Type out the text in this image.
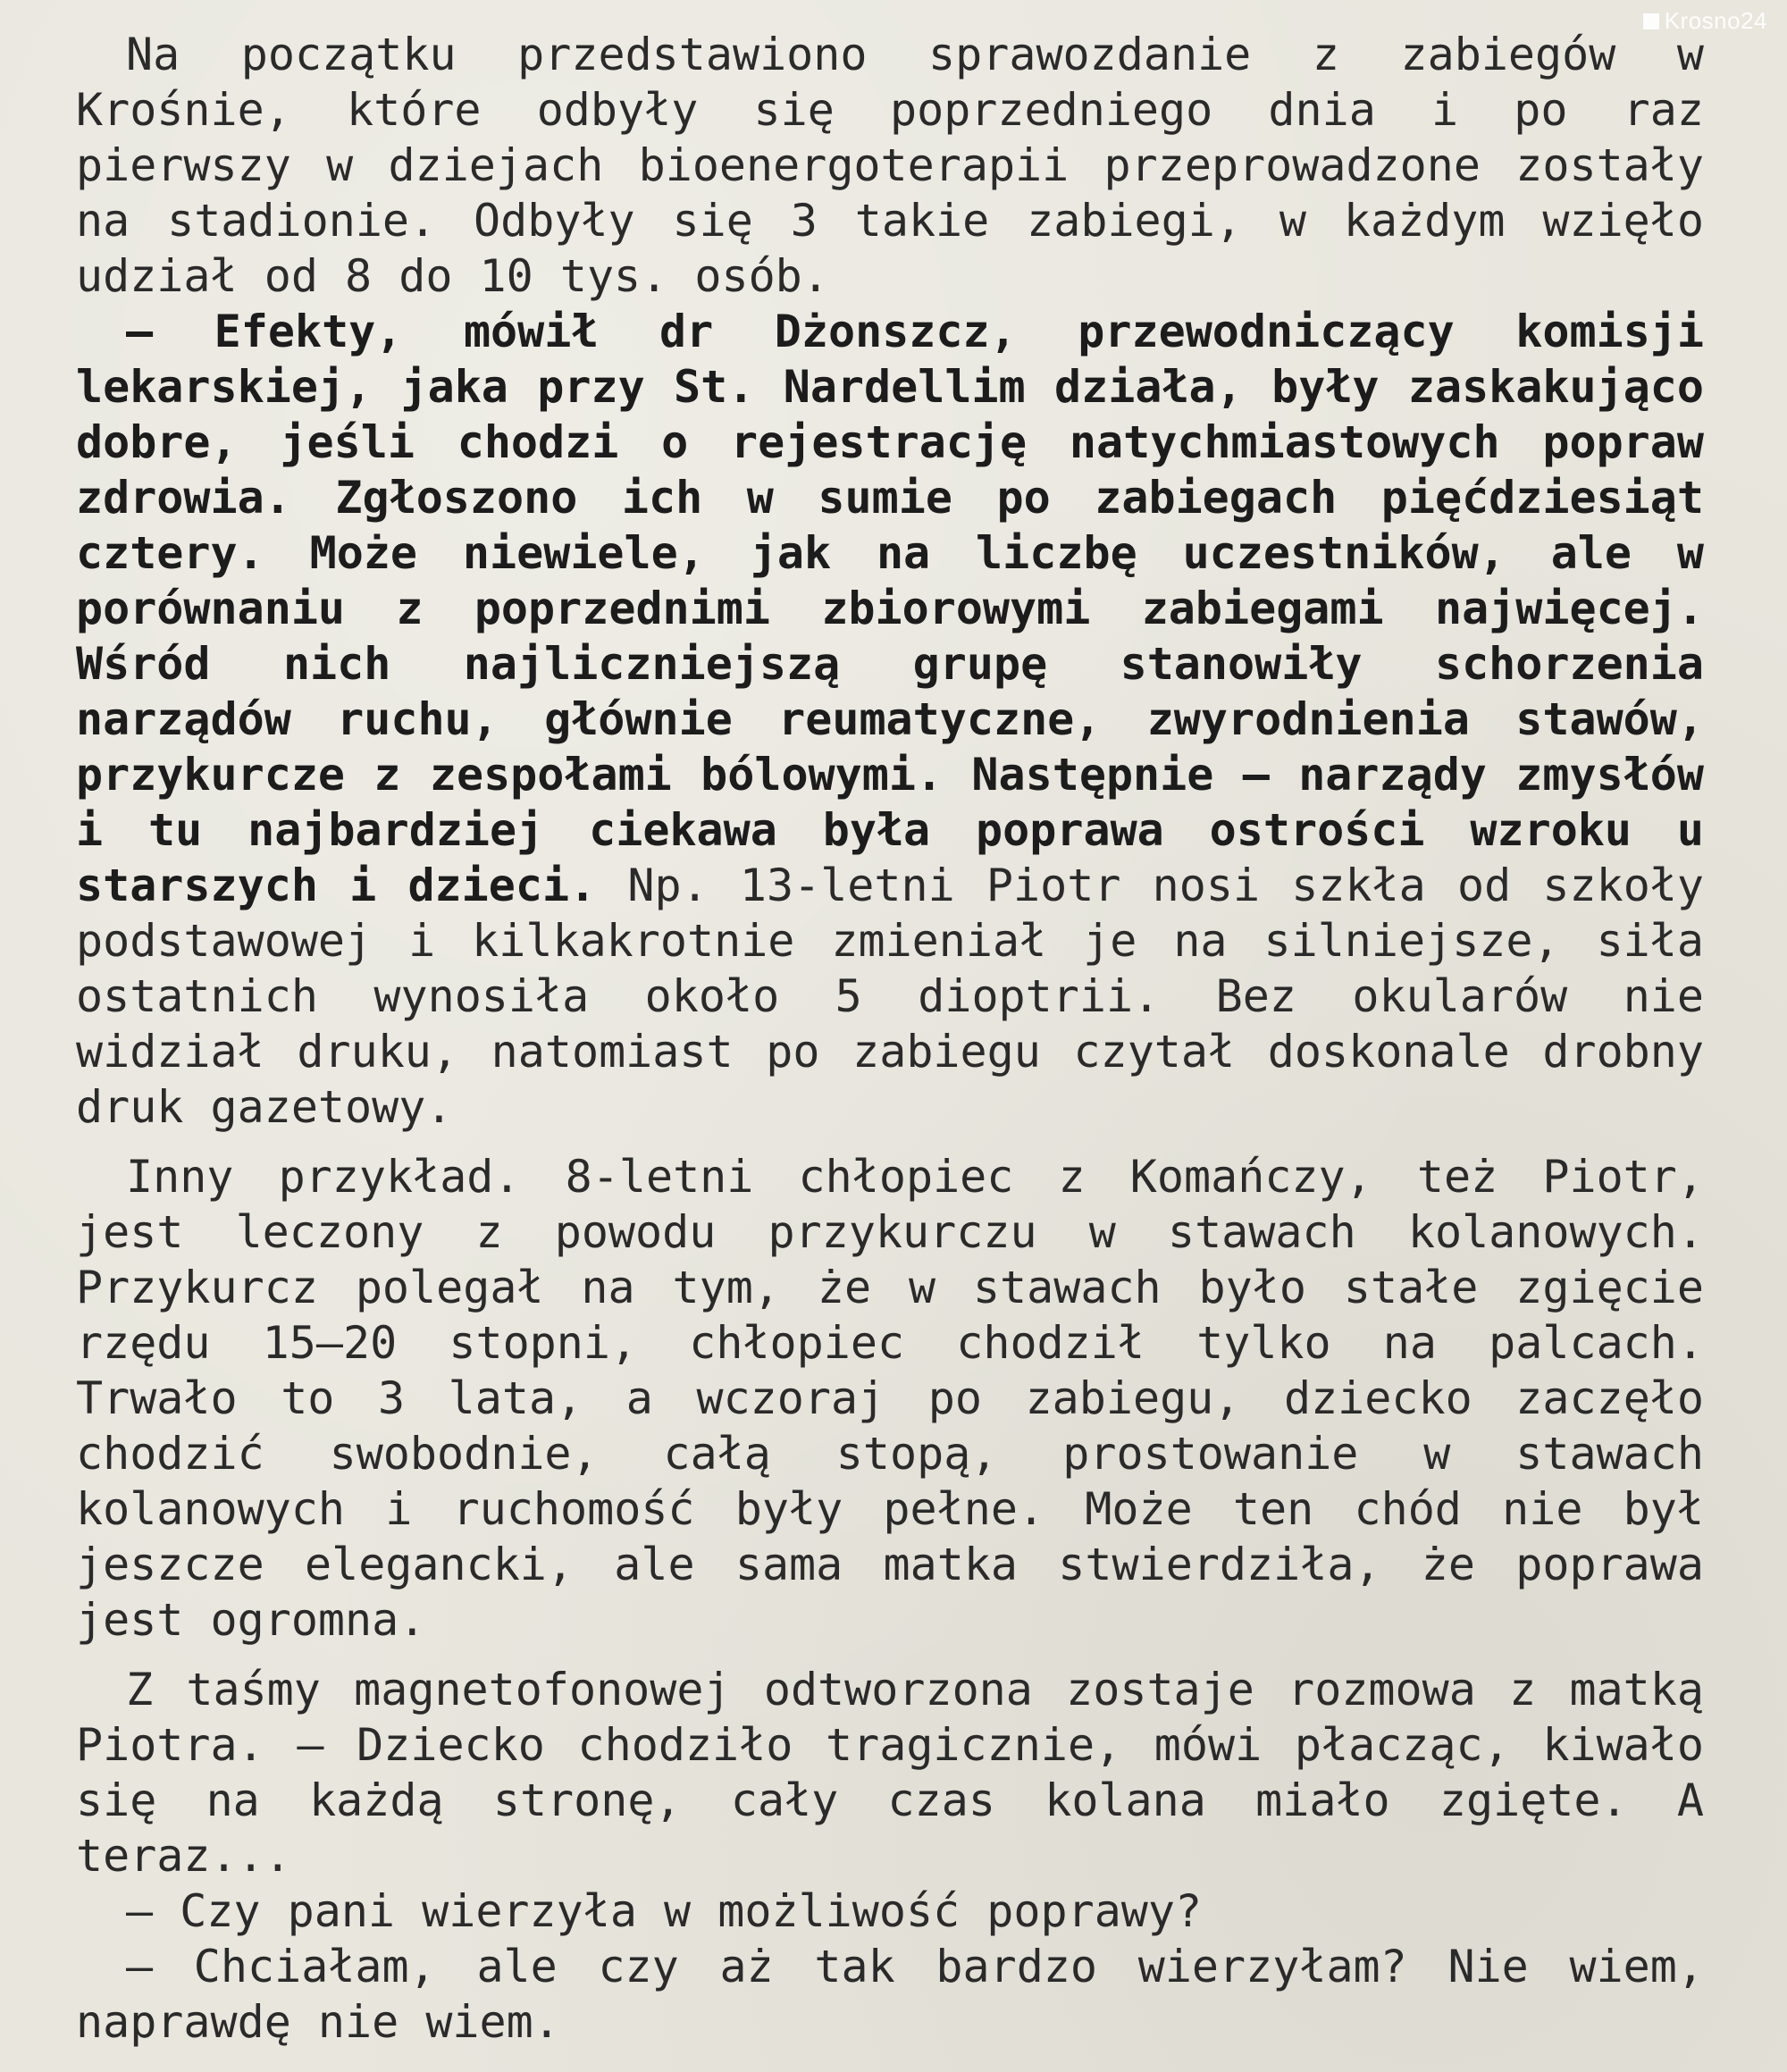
Krosno24

Na początku przedstawiono sprawozdanie z zabiegów w Krośnie, które odbyły się poprzedniego dnia i po raz pierwszy w dziejach bioenergoterapii przeprowadzone zostały na stadionie. Odbyły się 3 takie zabiegi, w każdym wzięło udział od 8 do 10 tys. osób.

— Efekty, mówił dr Dżonszcz, przewodniczący komisji lekarskiej, jaka przy St. Nardellim działa, były zaskakująco dobre, jeśli chodzi o rejestrację natychmiastowych popraw zdrowia. Zgłoszono ich w sumie po zabiegach pięćdziesiąt cztery. Może niewiele, jak na liczbę uczestników, ale w porównaniu z poprzednimi zbiorowymi zabiegami najwięcej. Wśród nich najliczniejszą grupę stanowiły schorzenia narządów ruchu, głównie reumatyczne, zwyrodnienia stawów, przykurcze z zespołami bólowymi. Następnie — narządy zmysłów i tu najbardziej ciekawa była poprawa ostrości wzroku u starszych i dzieci. Np. 13-letni Piotr nosi szkła od szkoły podstawowej i kilkakrotnie zmieniał je na silniejsze, siła ostatnich wynosiła około 5 dioptrii. Bez okularów nie widział druku, natomiast po zabiegu czytał doskonale drobny druk gazetowy.

Inny przykład. 8-letni chłopiec z Komańczy, też Piotr, jest leczony z powodu przykurczu w stawach kolanowych. Przykurcz polegał na tym, że w stawach było stałe zgięcie rzędu 15—20 stopni, chłopiec chodził tylko na palcach. Trwało to 3 lata, a wczoraj po zabiegu, dziecko zaczęło chodzić swobodnie, całą stopą, prostowanie w stawach kolanowych i ruchomość były pełne. Może ten chód nie był jeszcze elegancki, ale sama matka stwierdziła, że poprawa jest ogromna.

Z taśmy magnetofonowej odtworzona zostaje rozmowa z matką Piotra. — Dziecko chodziło tragicznie, mówi płacząc, kiwało się na każdą stronę, cały czas kolana miało zgięte. A teraz...

— Czy pani wierzyła w możliwość poprawy?

— Chciałam, ale czy aż tak bardzo wierzyłam? Nie wiem, naprawdę nie wiem.
